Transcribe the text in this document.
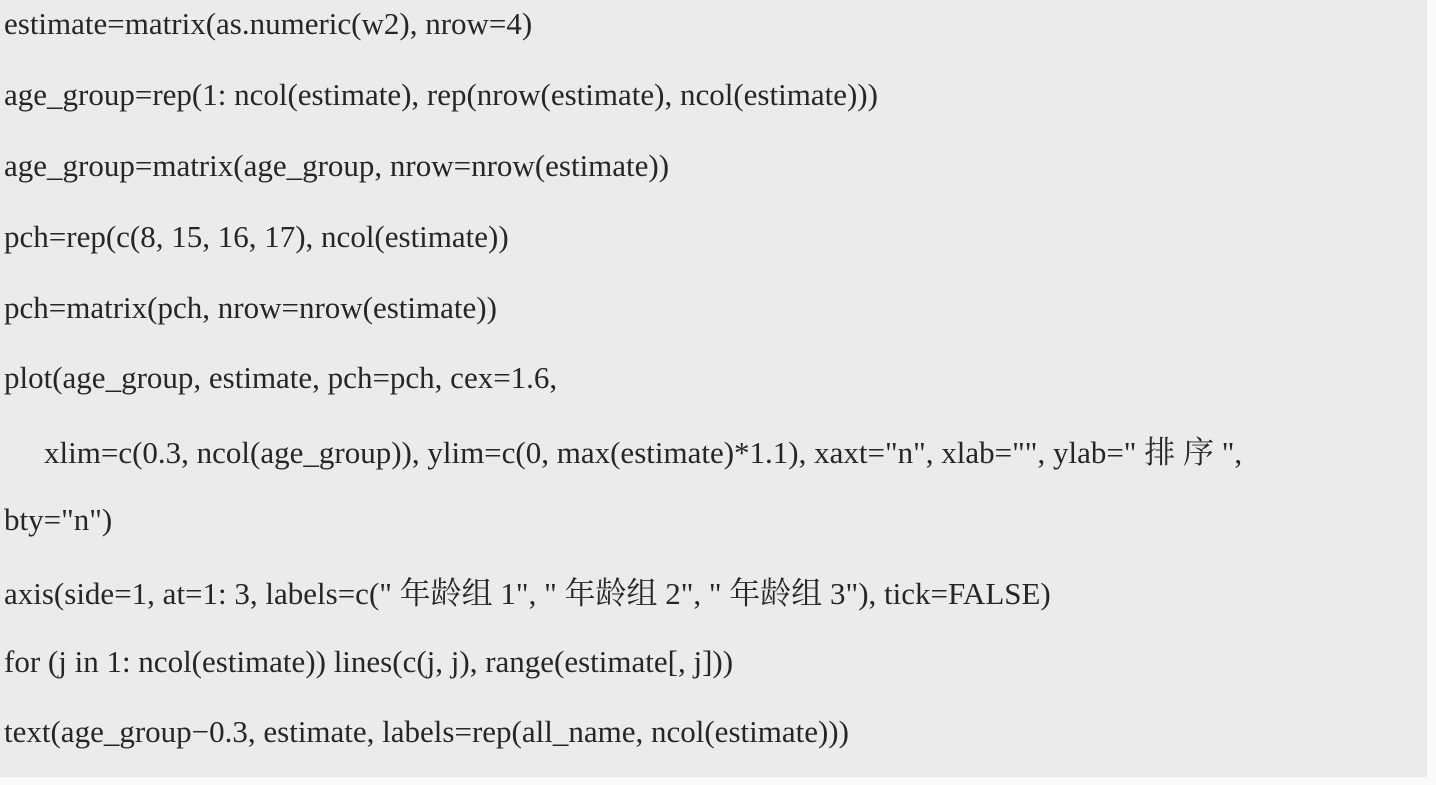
estimate=matrix(as.numeric(w2), nrow=4)
age_group=rep(1: ncol(estimate), rep(nrow(estimate), ncol(estimate)))
age_group=matrix(age_group, nrow=nrow(estimate))
pch=rep(c(8, 15, 16, 17), ncol(estimate))
pch=matrix(pch, nrow=nrow(estimate))
plot(age_group, estimate, pch=pch, cex=1.6,
xlim=c(0.3, ncol(age_group)), ylim=c(0, max(estimate)*1.1), xaxt="n", xlab="", ylab=" 排 序 ",
bty="n")
axis(side=1, at=1: 3, labels=c(" 年龄组 1", " 年龄组 2", " 年龄组 3"), tick=FALSE)
for (j in 1: ncol(estimate)) lines(c(j, j), range(estimate[, j]))
text(age_group−0.3, estimate, labels=rep(all_name, ncol(estimate)))
